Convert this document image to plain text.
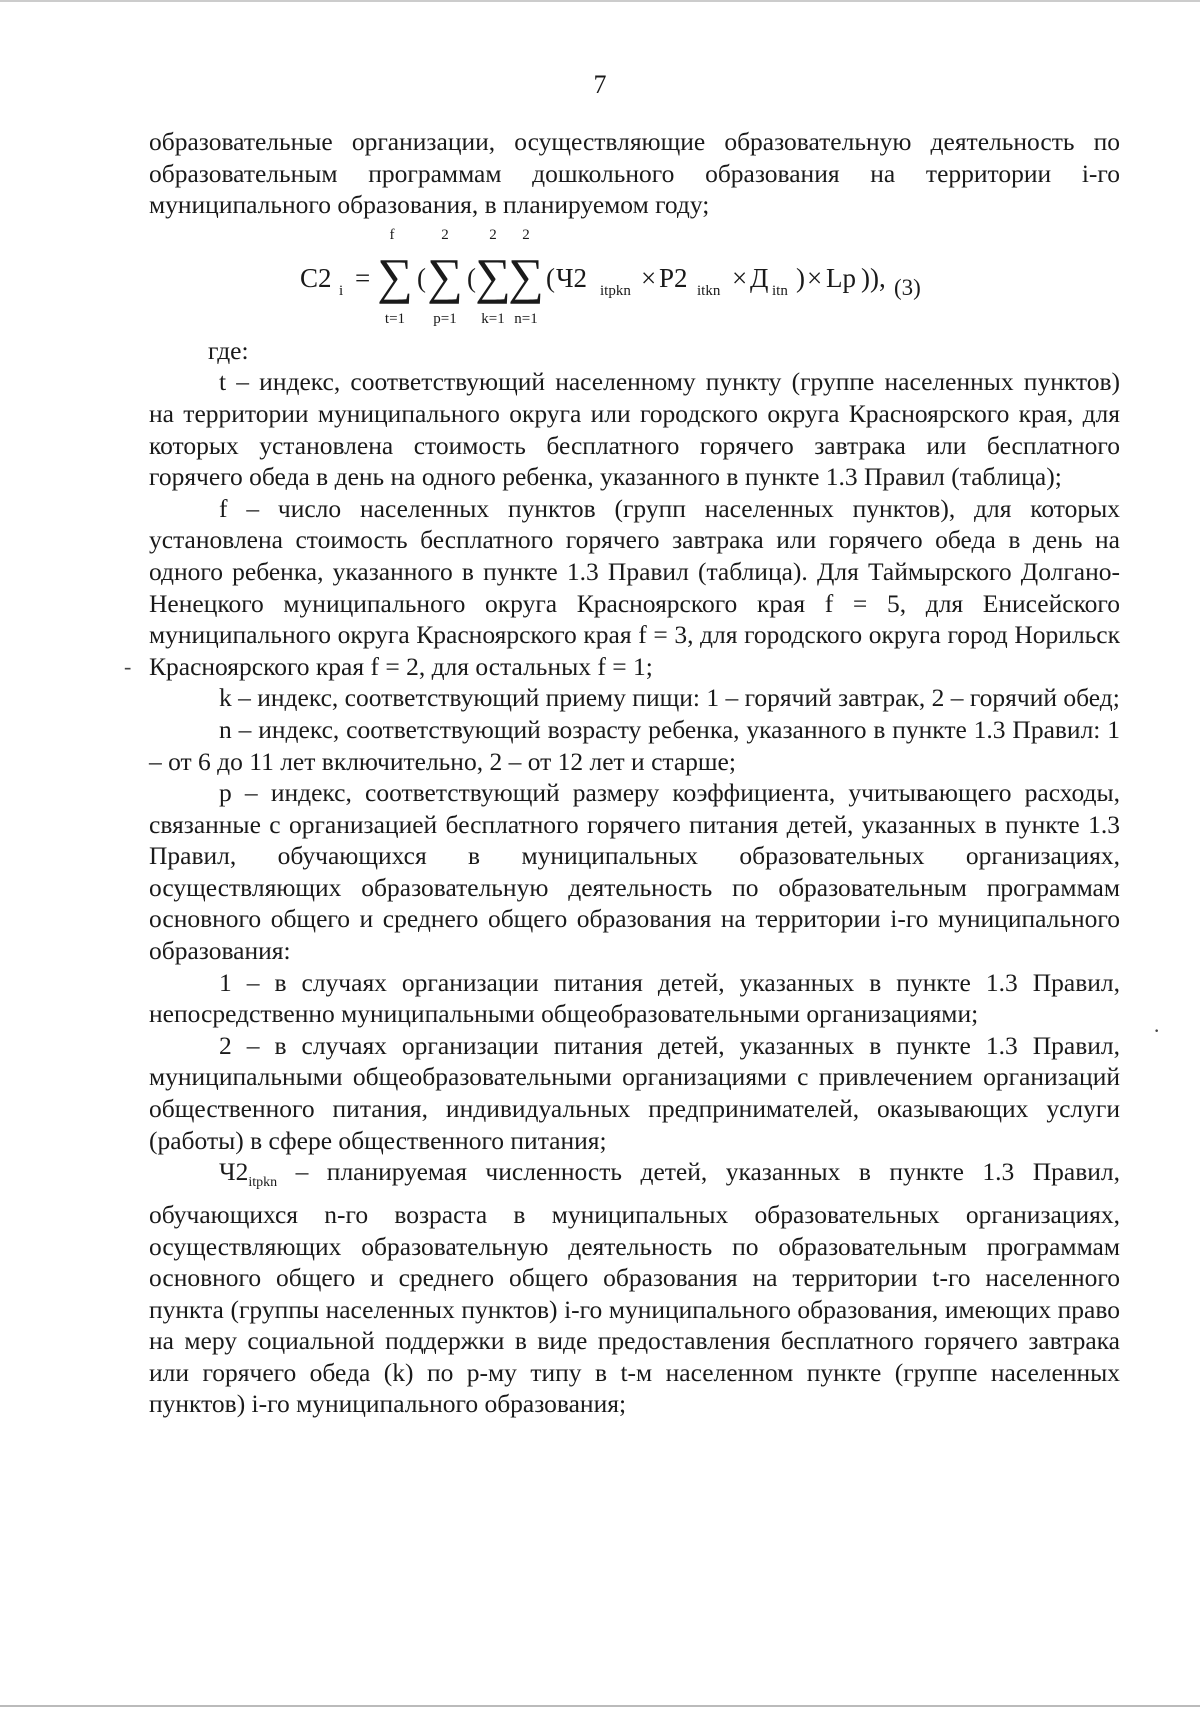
7

образовательные организации, осуществляющие образовательную деятельность по образовательным программам дошкольного образования на территории i-го муниципального образования, в планируемом году;

С2 i =
f
∑
t=1
(
2
∑
p=1
(
2
∑
k=1
2
∑
n=1
( Ч2 itpkn × Р2 itkn × Д itn ) × Lp )), (3)

где:

t – индекс, соответствующий населенному пункту (группе населенных пунктов) на территории муниципального округа или городского округа Красноярского края, для которых установлена стоимость бесплатного горячего завтрака или бесплатного горячего обеда в день на одного ребенка, указанного в пункте 1.3 Правил (таблица);

f – число населенных пунктов (групп населенных пунктов), для которых установлена стоимость бесплатного горячего завтрака или горячего обеда в день на одного ребенка, указанного в пункте 1.3 Правил (таблица). Для Таймырского Долгано-Ненецкого муниципального округа Красноярского края f = 5, для Енисейского муниципального округа Красноярского края f = 3, для городского округа город Норильск Красноярского края f = 2, для остальных f = 1;

k – индекс, соответствующий приему пищи: 1 – горячий завтрак, 2 – горячий обед;

n – индекс, соответствующий возрасту ребенка, указанного в пункте 1.3 Правил: 1 – от 6 до 11 лет включительно, 2 – от 12 лет и старше;

p – индекс, соответствующий размеру коэффициента, учитывающего расходы, связанные с организацией бесплатного горячего питания детей, указанных в пункте 1.3 Правил, обучающихся в муниципальных образовательных организациях, осуществляющих образовательную деятельность по образовательным программам основного общего и среднего общего образования на территории i-го муниципального образования:

1 – в случаях организации питания детей, указанных в пункте 1.3 Правил, непосредственно муниципальными общеобразовательными организациями;

2 – в случаях организации питания детей, указанных в пункте 1.3 Правил, муниципальными общеобразовательными организациями с привлечением организаций общественного питания, индивидуальных предпринимателей, оказывающих услуги (работы) в сфере общественного питания;

$Ч2_{itpkn}$ – планируемая численность детей, указанных в пункте 1.3 Правил, обучающихся n-го возраста в муниципальных образовательных организациях, осуществляющих образовательную деятельность по образовательным программам основного общего и среднего общего образования на территории t-го населенного пункта (группы населенных пунктов) i-го муниципального образования, имеющих право на меру социальной поддержки в виде предоставления бесплатного горячего завтрака или горячего обеда (k) по p-му типу в t-м населенном пункте (группе населенных пунктов) i-го муниципального образования;

-
·
